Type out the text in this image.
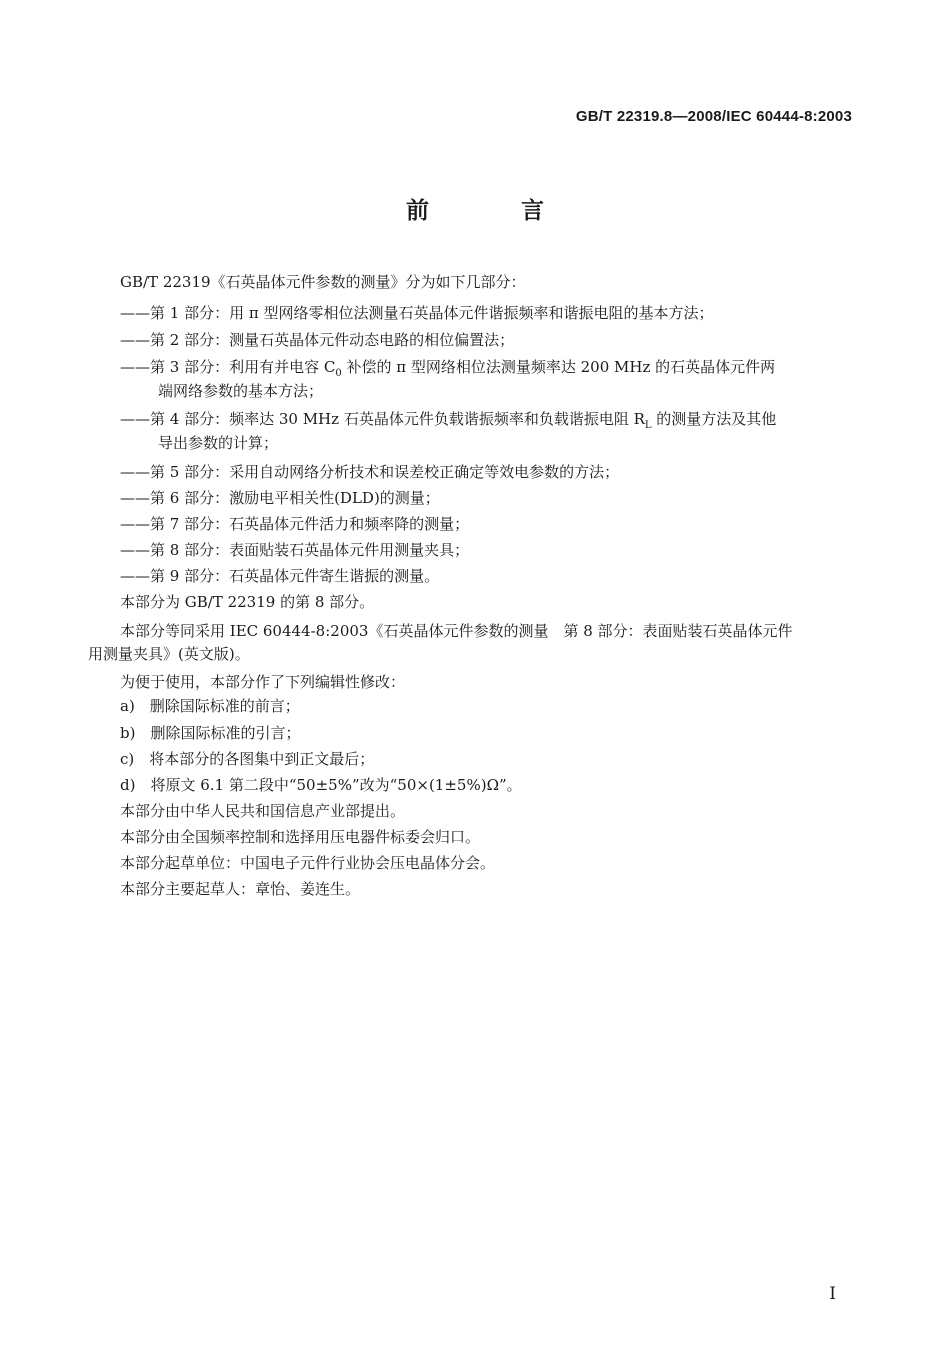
GB/T 22319.8—2008/IEC 60444-8:2003
前 言
GB/T 22319《石英晶体元件参数的测量》分为如下几部分：
——第 1 部分：用 π 型网络零相位法测量石英晶体元件谐振频率和谐振电阻的基本方法；
——第 2 部分：测量石英晶体元件动态电路的相位偏置法；
——第 3 部分：利用有并电容 $C_0$ 补偿的 π 型网络相位法测量频率达 200 MHz 的石英晶体元件两
端网络参数的基本方法；
——第 4 部分：频率达 30 MHz 石英晶体元件负载谐振频率和负载谐振电阻 $R_L$ 的测量方法及其他
导出参数的计算；
——第 5 部分：采用自动网络分析技术和误差校正确定等效电参数的方法；
——第 6 部分：激励电平相关性(DLD)的测量；
——第 7 部分：石英晶体元件活力和频率降的测量；
——第 8 部分：表面贴装石英晶体元件用测量夹具；
——第 9 部分：石英晶体元件寄生谐振的测量。
本部分为 GB/T 22319 的第 8 部分。
本部分等同采用 IEC 60444-8:2003《石英晶体元件参数的测量　第 8 部分：表面贴装石英晶体元件
用测量夹具》(英文版)。
为便于使用，本部分作了下列编辑性修改：
a)　删除国际标准的前言；
b)　删除国际标准的引言；
c)　将本部分的各图集中到正文最后；
d)　将原文 6.1 第二段中“50±5%”改为“50×(1±5%)Ω”。
本部分由中华人民共和国信息产业部提出。
本部分由全国频率控制和选择用压电器件标委会归口。
本部分起草单位：中国电子元件行业协会压电晶体分会。
本部分主要起草人：章怡、姜连生。
I
